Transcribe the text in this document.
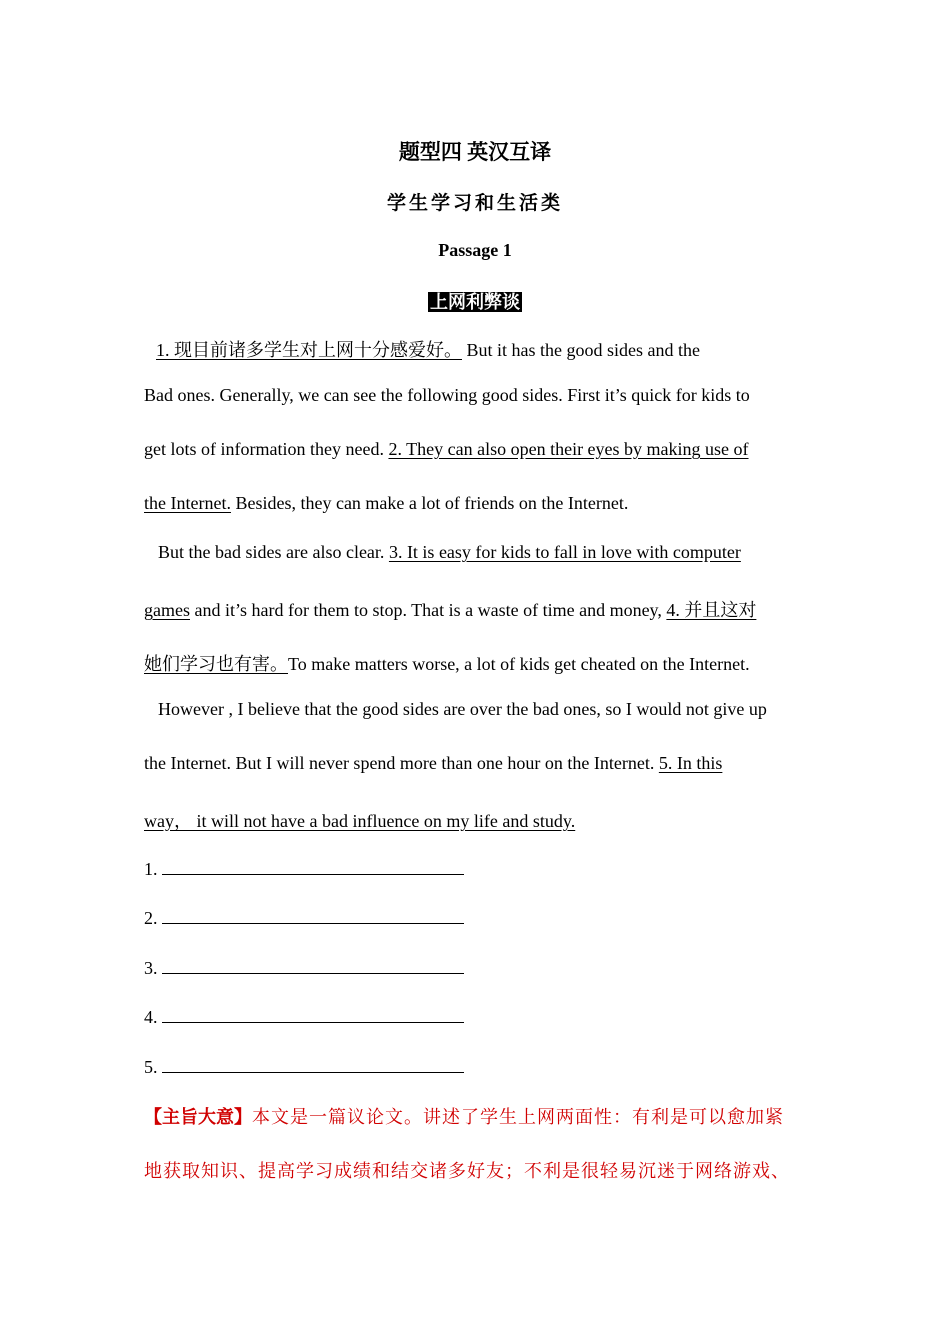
题型四 英汉互译
学生学习和生活类
Passage 1
上网利弊谈
1. 现目前诸多学生对上网十分感爱好。 But it has the good sides and the
Bad ones. Generally, we can see the following good sides. First it’s quick for kids to
get lots of information they need. 2. They can also open their eyes by making use of
the Internet. Besides, they can make a lot of friends on the Internet.
But the bad sides are also clear. 3. It is easy for kids to fall in love with computer
games and it’s hard for them to stop. That is a waste of time and money, 4. 并且这对
她们学习也有害。To make matters worse, a lot of kids get cheated on the Internet.
However , I believe that the good sides are over the bad ones, so I would not give up
the Internet. But I will never spend more than one hour on the Internet. 5. In this
way， it will not have a bad influence on my life and study.
1.
2.
3.
4.
5.
【主旨大意】本文是一篇议论文。讲述了学生上网两面性：有利是可以愈加紧
地获取知识、提高学习成绩和结交诸多好友；不利是很轻易沉迷于网络游戏、
